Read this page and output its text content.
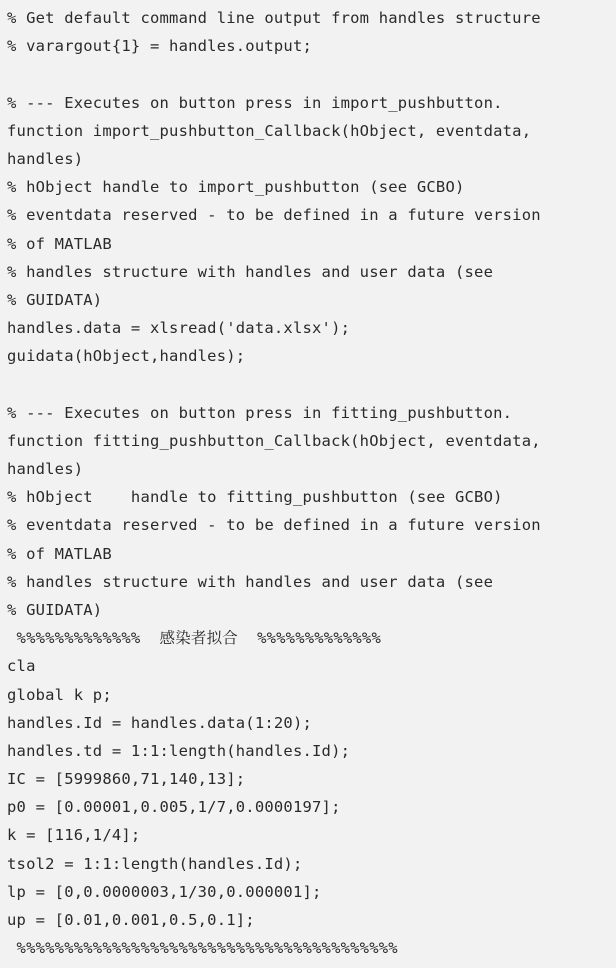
% Get default command line output from handles structure
% varargout{1} = handles.output;
% --- Executes on button press in import_pushbutton.
function import_pushbutton_Callback(hObject, eventdata,
handles)
% hObject handle to import_pushbutton (see GCBO)
% eventdata reserved - to be defined in a future version
% of MATLAB
% handles structure with handles and user data (see
% GUIDATA)
handles.data = xlsread('data.xlsx');
guidata(hObject,handles);
% --- Executes on button press in fitting_pushbutton.
function fitting_pushbutton_Callback(hObject, eventdata,
handles)
% hObject    handle to fitting_pushbutton (see GCBO)
% eventdata reserved - to be defined in a future version
% of MATLAB
% handles structure with handles and user data (see
% GUIDATA)
%%%%%%%%%%%%%  感染者拟合  %%%%%%%%%%%%%
cla
global k p;
handles.Id = handles.data(1:20);
handles.td = 1:1:length(handles.Id);
IC = [5999860,71,140,13];
p0 = [0.00001,0.005,1/7,0.0000197];
k = [116,1/4];
tsol2 = 1:1:length(handles.Id);
lp = [0,0.0000003,1/30,0.000001];
up = [0.01,0.001,0.5,0.1];
%%%%%%%%%%%%%%%%%%%%%%%%%%%%%%%%%%%%%%%%
